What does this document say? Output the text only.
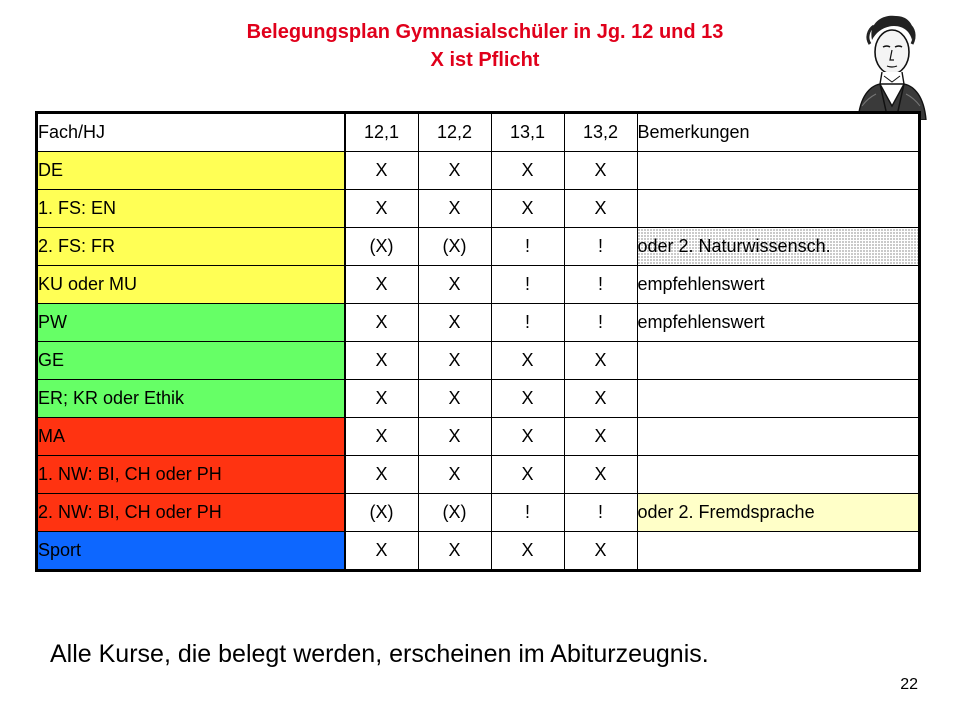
Belegungsplan Gymnasialschüler in Jg. 12 und 13
X ist Pflicht
Fach/HJ	12,1	12,2	13,1	13,2	Bemerkungen
DE	X	X	X	X	
1. FS: EN	X	X	X	X	
2. FS: FR	(X)	(X)	!	!	oder 2. Naturwissensch.
KU oder MU	X	X	!	!	empfehlenswert
PW	X	X	!	!	empfehlenswert
GE	X	X	X	X	
ER; KR oder Ethik	X	X	X	X	
MA	X	X	X	X	
1. NW: BI, CH oder PH	X	X	X	X	
2. NW: BI, CH oder PH	(X)	(X)	!	!	oder 2. Fremdsprache
Sport	X	X	X	X	
Alle Kurse, die belegt werden, erscheinen im Abiturzeugnis.
22
